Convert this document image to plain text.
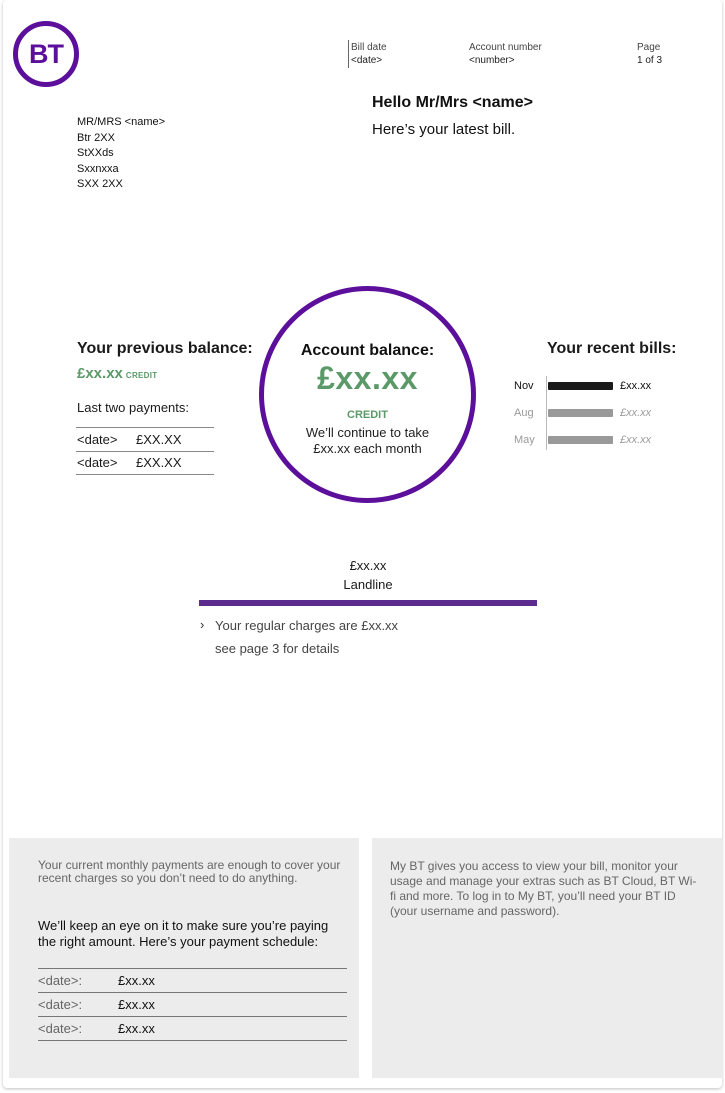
BT	Bill date
<date>
Account number
<number>
Page
1 of 3
MR/MRS <name>
Btr 2XX
StXXds
Sxxnxxa
SXX 2XX
Hello Mr/Mrs <name>
Here’s your latest bill.
Your previous balance:
£xx.xx CREDIT
Last two payments:
<date>	£XX.XX
<date>	£XX.XX
Account balance:
£xx.xx
CREDIT
We’ll continue to take
£xx.xx each month
Your recent bills:
Nov	£xx.xx
Aug	£xx.xx
May	£xx.xx
£xx.xx
Landline
› Your regular charges are £xx.xx
see page 3 for details
Your current monthly payments are enough to cover your recent charges so you don’t need to do anything.
We’ll keep an eye on it to make sure you’re paying the right amount. Here’s your payment schedule:
<date>:	£xx.xx
<date>:	£xx.xx
<date>:	£xx.xx
My BT gives you access to view your bill, monitor your usage and manage your extras such as BT Cloud, BT Wi-fi and more. To log in to My BT, you’ll need your BT ID (your username and password).
